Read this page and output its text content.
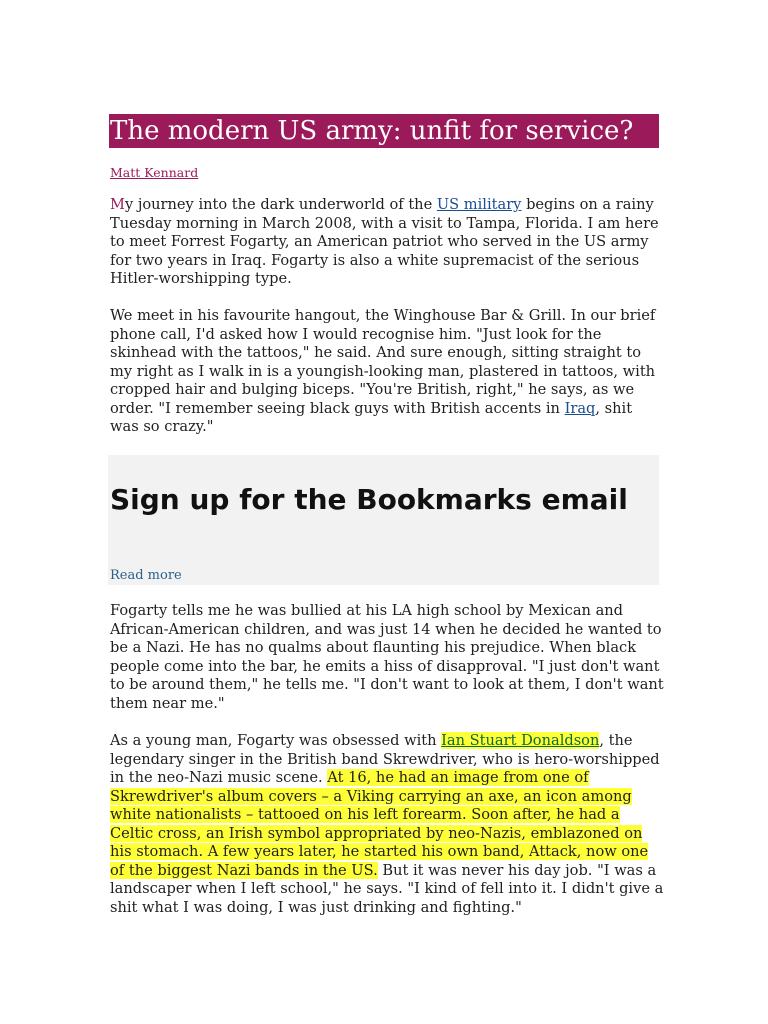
The modern US army: unfit for service?
Matt Kennard

My journey into the dark underworld of the US military begins on a rainy Tuesday morning in March 2008, with a visit to Tampa, Florida. I am here to meet Forrest Fogarty, an American patriot who served in the US army for two years in Iraq. Fogarty is also a white supremacist of the serious Hitler-worshipping type.

We meet in his favourite hangout, the Winghouse Bar & Grill. In our brief phone call, I'd asked how I would recognise him. "Just look for the skinhead with the tattoos," he said. And sure enough, sitting straight to my right as I walk in is a youngish-looking man, plastered in tattoos, with cropped hair and bulging biceps. "You're British, right," he says, as we order. "I remember seeing black guys with British accents in Iraq, shit was so crazy."

Sign up for the Bookmarks email
Read more

Fogarty tells me he was bullied at his LA high school by Mexican and African-American children, and was just 14 when he decided he wanted to be a Nazi. He has no qualms about flaunting his prejudice. When black people come into the bar, he emits a hiss of disapproval. "I just don't want to be around them," he tells me. "I don't want to look at them, I don't want them near me."

As a young man, Fogarty was obsessed with Ian Stuart Donaldson, the legendary singer in the British band Skrewdriver, who is hero-worshipped in the neo-Nazi music scene. At 16, he had an image from one of Skrewdriver's album covers – a Viking carrying an axe, an icon among white nationalists – tattooed on his left forearm. Soon after, he had a Celtic cross, an Irish symbol appropriated by neo-Nazis, emblazoned on his stomach. A few years later, he started his own band, Attack, now one of the biggest Nazi bands in the US. But it was never his day job. "I was a landscaper when I left school," he says. "I kind of fell into it. I didn't give a shit what I was doing, I was just drinking and fighting."
